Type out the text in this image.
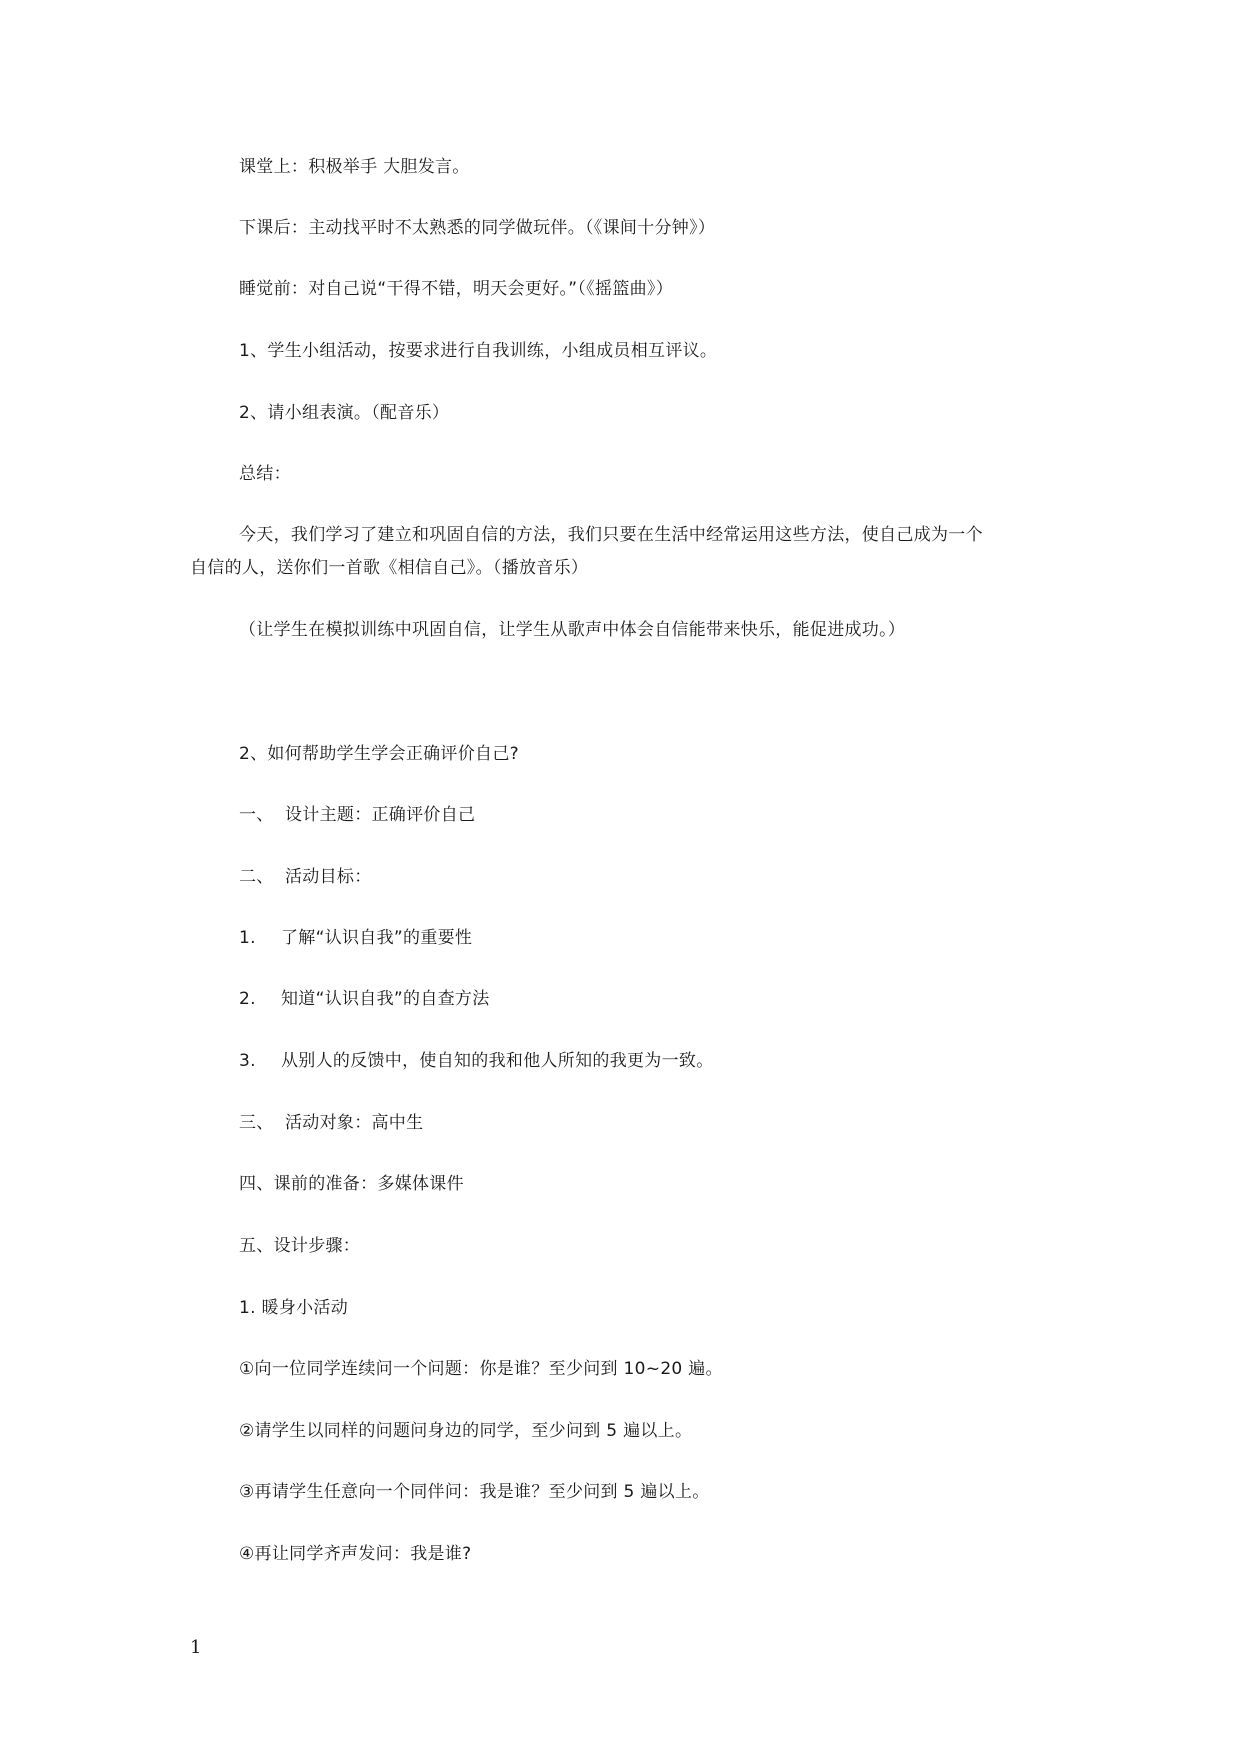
课堂上：积极举手 大胆发言。
下课后：主动找平时不太熟悉的同学做玩伴。（《课间十分钟》）
睡觉前：对自己说“干得不错，明天会更好。”（《摇篮曲》）
1、学生小组活动，按要求进行自我训练，小组成员相互评议。
2、请小组表演。（配音乐）
总结：
今天，我们学习了建立和巩固自信的方法，我们只要在生活中经常运用这些方法，使自己成为一个
自信的人，送你们一首歌《相信自己》。（播放音乐）
（让学生在模拟训练中巩固自信，让学生从歌声中体会自信能带来快乐，能促进成功。）
2、如何帮助学生学会正确评价自己?
一、 设计主题：正确评价自己
二、 活动目标：
1. 了解“认识自我”的重要性
2. 知道“认识自我”的自查方法
3. 从别人的反馈中，使自知的我和他人所知的我更为一致。
三、 活动对象：高中生
四、课前的准备：多媒体课件
五、设计步骤：
1. 暖身小活动
①向一位同学连续问一个问题：你是谁？至少问到 10~20 遍。
②请学生以同样的问题问身边的同学，至少问到 5 遍以上。
③再请学生任意向一个同伴问：我是谁？至少问到 5 遍以上。
④再让同学齐声发问：我是谁?
1
